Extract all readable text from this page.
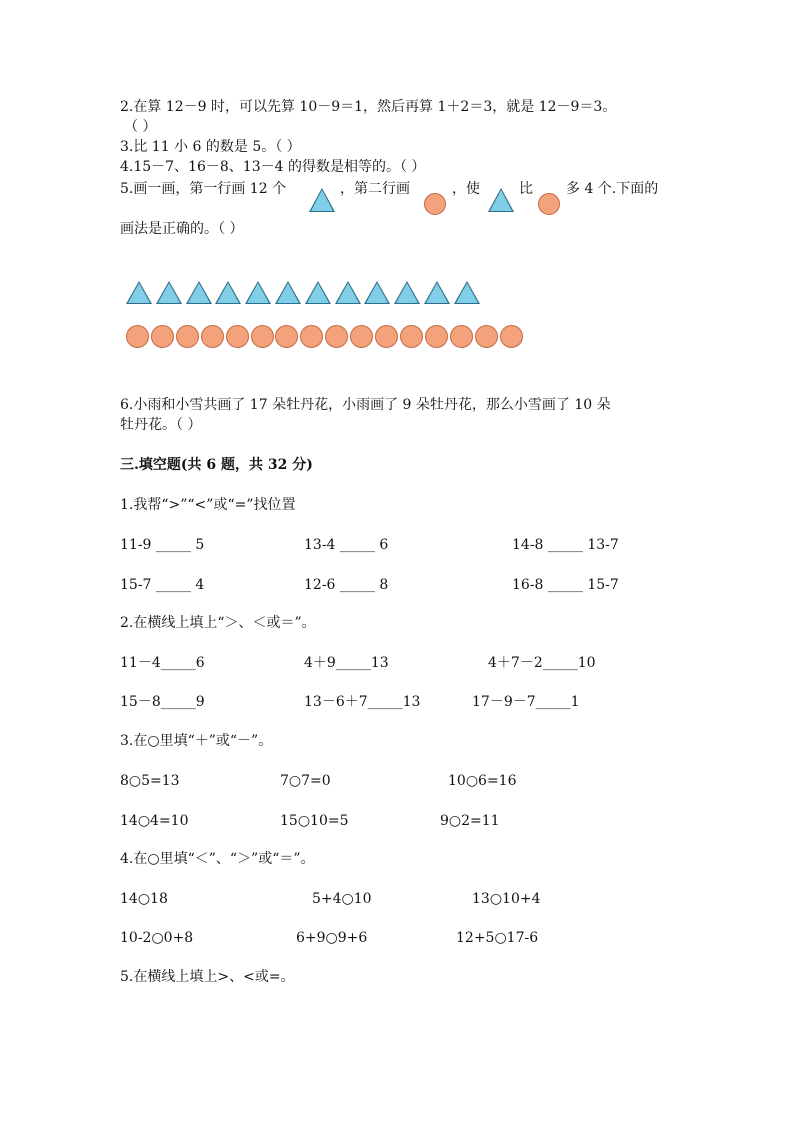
2.在算 12－9 时，可以先算 10－9＝1，然后再算 1＋2＝3，就是 12－9＝3。
（ ）
3.比 11 小 6 的数是 5。（ ）
4.15－7、16－8、13－4 的得数是相等的。（ ）
5.画一画，第一行画 12 个	，第二行画	，使	比 多 4 个.下面的
画法是正确的。（ ）
6.小雨和小雪共画了 17 朵牡丹花，小雨画了 9 朵牡丹花，那么小雪画了 10 朵
牡丹花。（ ）
三.填空题(共 6 题，共 32 分)
1.我帮“>”“<”或“=”找位置
11-9 _____ 5	13-4 _____ 6	14-8 _____ 13-7
15-7 _____ 4	12-6 _____ 8	16-8 _____ 15-7
2.在横线上填上“＞、＜或＝”。
11－4_____6	4＋9_____13	4＋7－2_____10
15－8_____9	13－6＋7_____13	17－9－7_____1
3.在○里填“＋”或“－”。
8○5=13	7○7=0	10○6=16
14○4=10	15○10=5	9○2=11
4.在○里填“＜”、“＞”或“＝”。
14○18	5+4○10	13○10+4
10-2○0+8	6+9○9+6	12+5○17-6
5.在横线上填上>、<或=。
